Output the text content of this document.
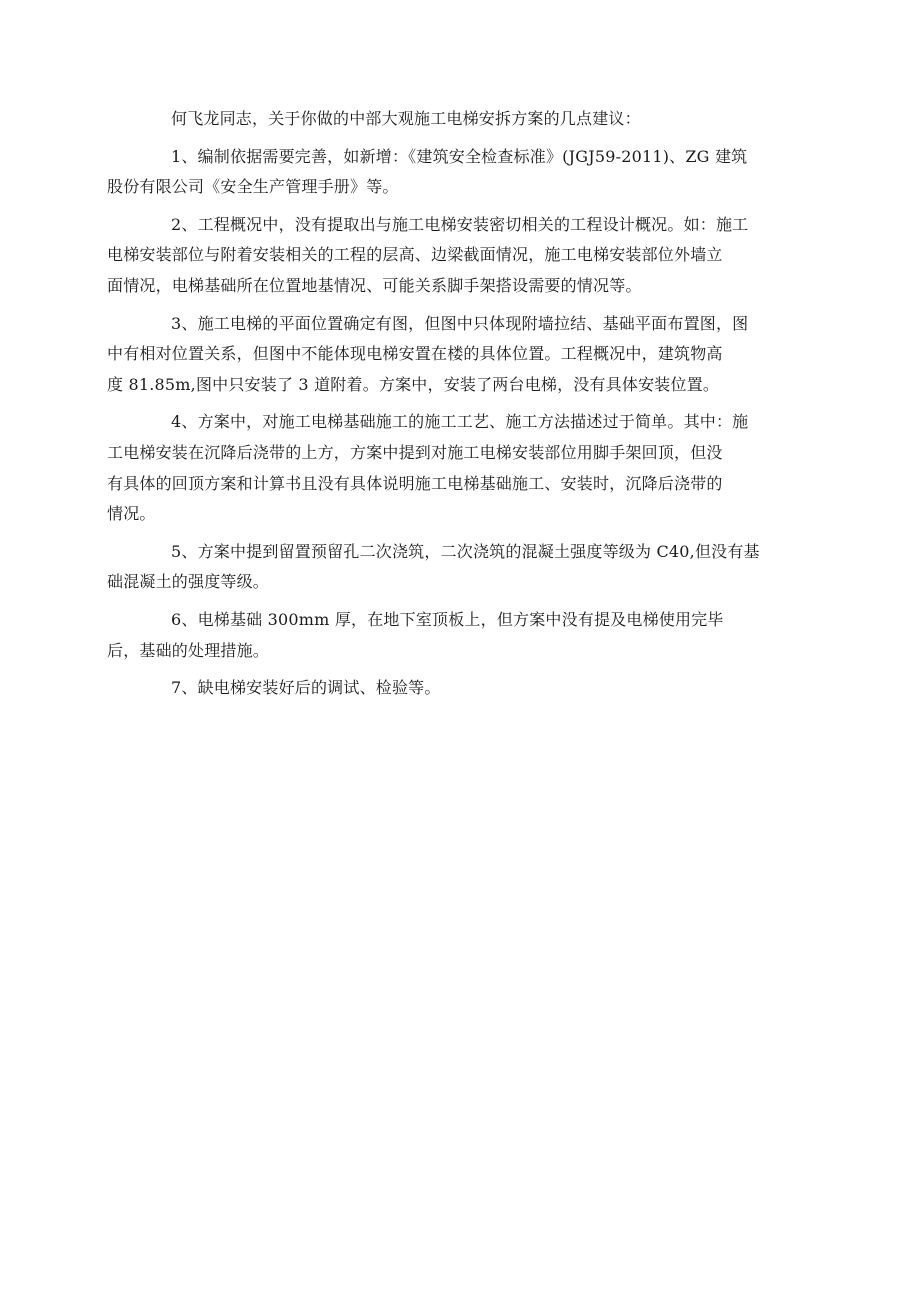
何飞龙同志，关于你做的中部大观施工电梯安拆方案的几点建议：

1、编制依据需要完善，如新增：《建筑安全检查标准》(JGJ59-2011)、ZG 建筑
股份有限公司《安全生产管理手册》等。

2、工程概况中，没有提取出与施工电梯安装密切相关的工程设计概况。如：施工
电梯安装部位与附着安装相关的工程的层高、边梁截面情况，施工电梯安装部位外墙立
面情况，电梯基础所在位置地基情况、可能关系脚手架搭设需要的情况等。

3、施工电梯的平面位置确定有图，但图中只体现附墙拉结、基础平面布置图，图
中有相对位置关系，但图中不能体现电梯安置在楼的具体位置。工程概况中，建筑物高
度 81.85m,图中只安装了 3 道附着。方案中，安装了两台电梯，没有具体安装位置。

4、方案中，对施工电梯基础施工的施工工艺、施工方法描述过于简单。其中：施
工电梯安装在沉降后浇带的上方，方案中提到对施工电梯安装部位用脚手架回顶，但没
有具体的回顶方案和计算书且没有具体说明施工电梯基础施工、安装时，沉降后浇带的
情况。

5、方案中提到留置预留孔二次浇筑，二次浇筑的混凝土强度等级为 C40,但没有基
础混凝土的强度等级。

6、电梯基础 300mm 厚，在地下室顶板上，但方案中没有提及电梯使用完毕
后，基础的处理措施。

7、缺电梯安装好后的调试、检验等。
